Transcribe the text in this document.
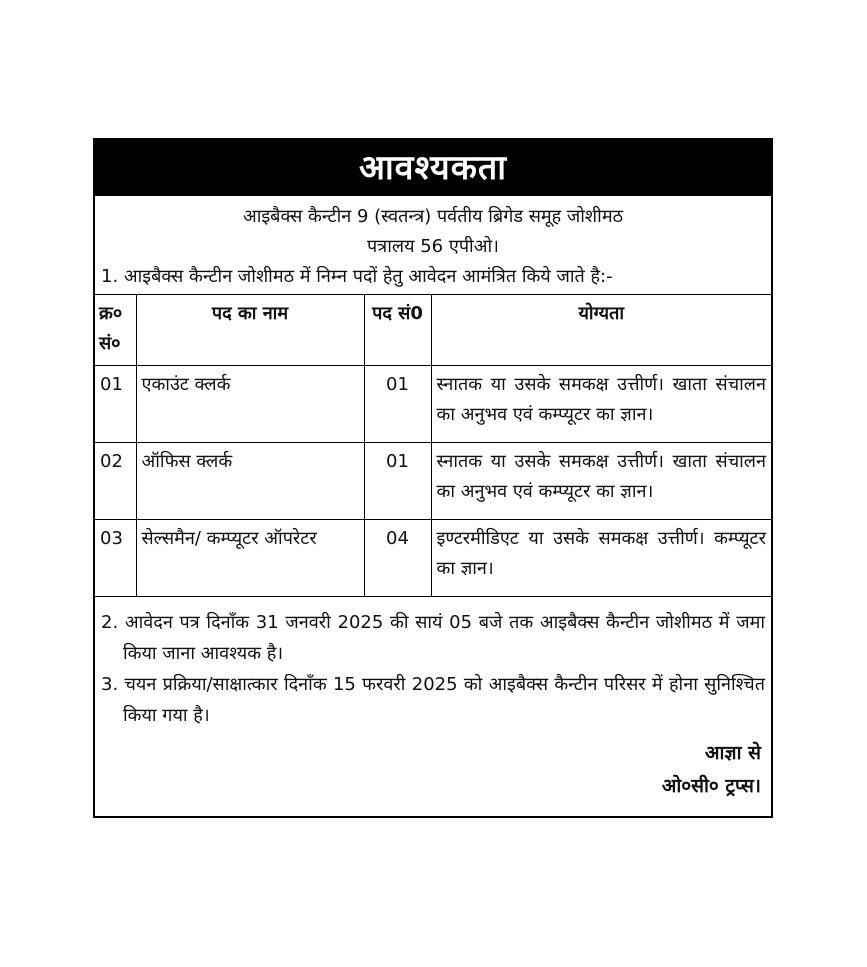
आवश्यकता
आइबैक्स कैन्टीन 9 (स्वतन्त्र) पर्वतीय ब्रिगेड समूह जोशीमठ
पत्रालय 56 एपीओ।
1. आइबैक्स कैन्टीन जोशीमठ में निम्न पदों हेतु आवेदन आमंत्रित किये जाते है:-
क्र० सं०	पद का नाम	पद सं0	योग्यता
01	एकाउंट क्लर्क	01	स्नातक या उसके समकक्ष उत्तीर्ण। खाता संचालन का अनुभव एवं कम्प्यूटर का ज्ञान।
02	ऑफिस क्लर्क	01	स्नातक या उसके समकक्ष उत्तीर्ण। खाता संचालन का अनुभव एवं कम्प्यूटर का ज्ञान।
03	सेल्समैन/ कम्प्यूटर ऑपरेटर	04	इण्टरमीडिएट या उसके समकक्ष उत्तीर्ण। कम्प्यूटर का ज्ञान।
2. आवेदन पत्र दिनाँक 31 जनवरी 2025 की सायं 05 बजे तक आइबैक्स कैन्टीन जोशीमठ में जमा किया जाना आवश्यक है।
3. चयन प्रक्रिया/साक्षात्कार दिनाँक 15 फरवरी 2025 को आइबैक्स कैन्टीन परिसर में होना सुनिश्चित किया गया है।
आज्ञा से
ओ०सी० ट्रप्स।
